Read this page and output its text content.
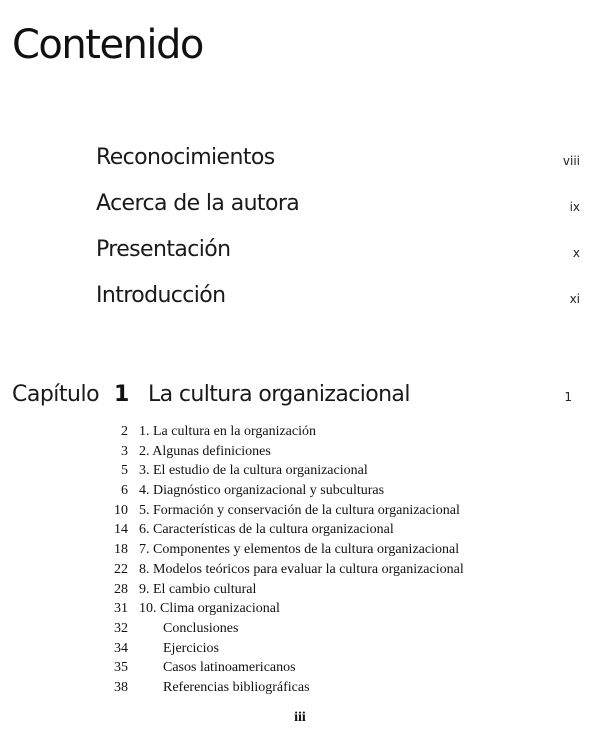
Contenido
Reconocimientos	viii
Acerca de la autora	ix
Presentación	x
Introducción	xi
Capítulo 1 La cultura organizacional	1
2 1. La cultura en la organización
3 2. Algunas definiciones
5 3. El estudio de la cultura organizacional
6 4. Diagnóstico organizacional y subculturas
10 5. Formación y conservación de la cultura organizacional
14 6. Características de la cultura organizacional
18 7. Componentes y elementos de la cultura organizacional
22 8. Modelos teóricos para evaluar la cultura organizacional
28 9. El cambio cultural
31 10. Clima organizacional
32	Conclusiones
34	Ejercicios
35	Casos latinoamericanos
38	Referencias bibliográficas
iii
